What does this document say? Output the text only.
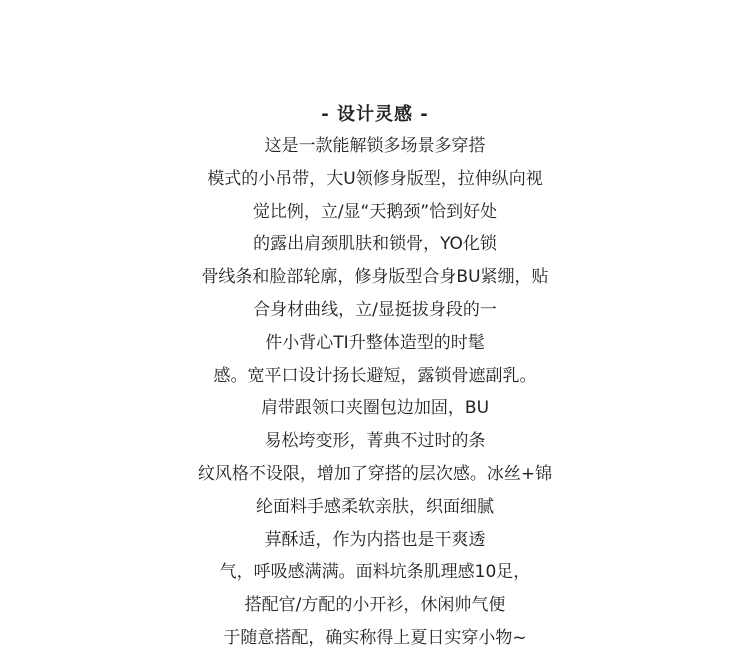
- 设计灵感 -
这是一款能解锁多场景多穿搭
模式的小吊带，大U领修身版型，拉伸纵向视
觉比例，立/显“天鹅颈”恰到好处
的露出肩颈肌肤和锁骨，YO化锁
骨线条和脸部轮廓，修身版型合身BU紧绷，贴
合身材曲线，立/显挺拔身段的一
件小背心TI升整体造型的时髦
感。宽平口设计扬长避短，露锁骨遮副乳。
肩带跟领口夹圈包边加固，BU
易松垮变形，菁典不过时的条
纹风格不设限，增加了穿搭的层次感。冰丝+锦
纶面料手感柔软亲肤，织面细腻
萛酥适，作为内搭也是干爽透
气，呼吸感满满。面料坑条肌理感10足，
搭配官/方配的小开衫，休闲帅气便
于随意搭配，确实称得上夏日实穿小物~
